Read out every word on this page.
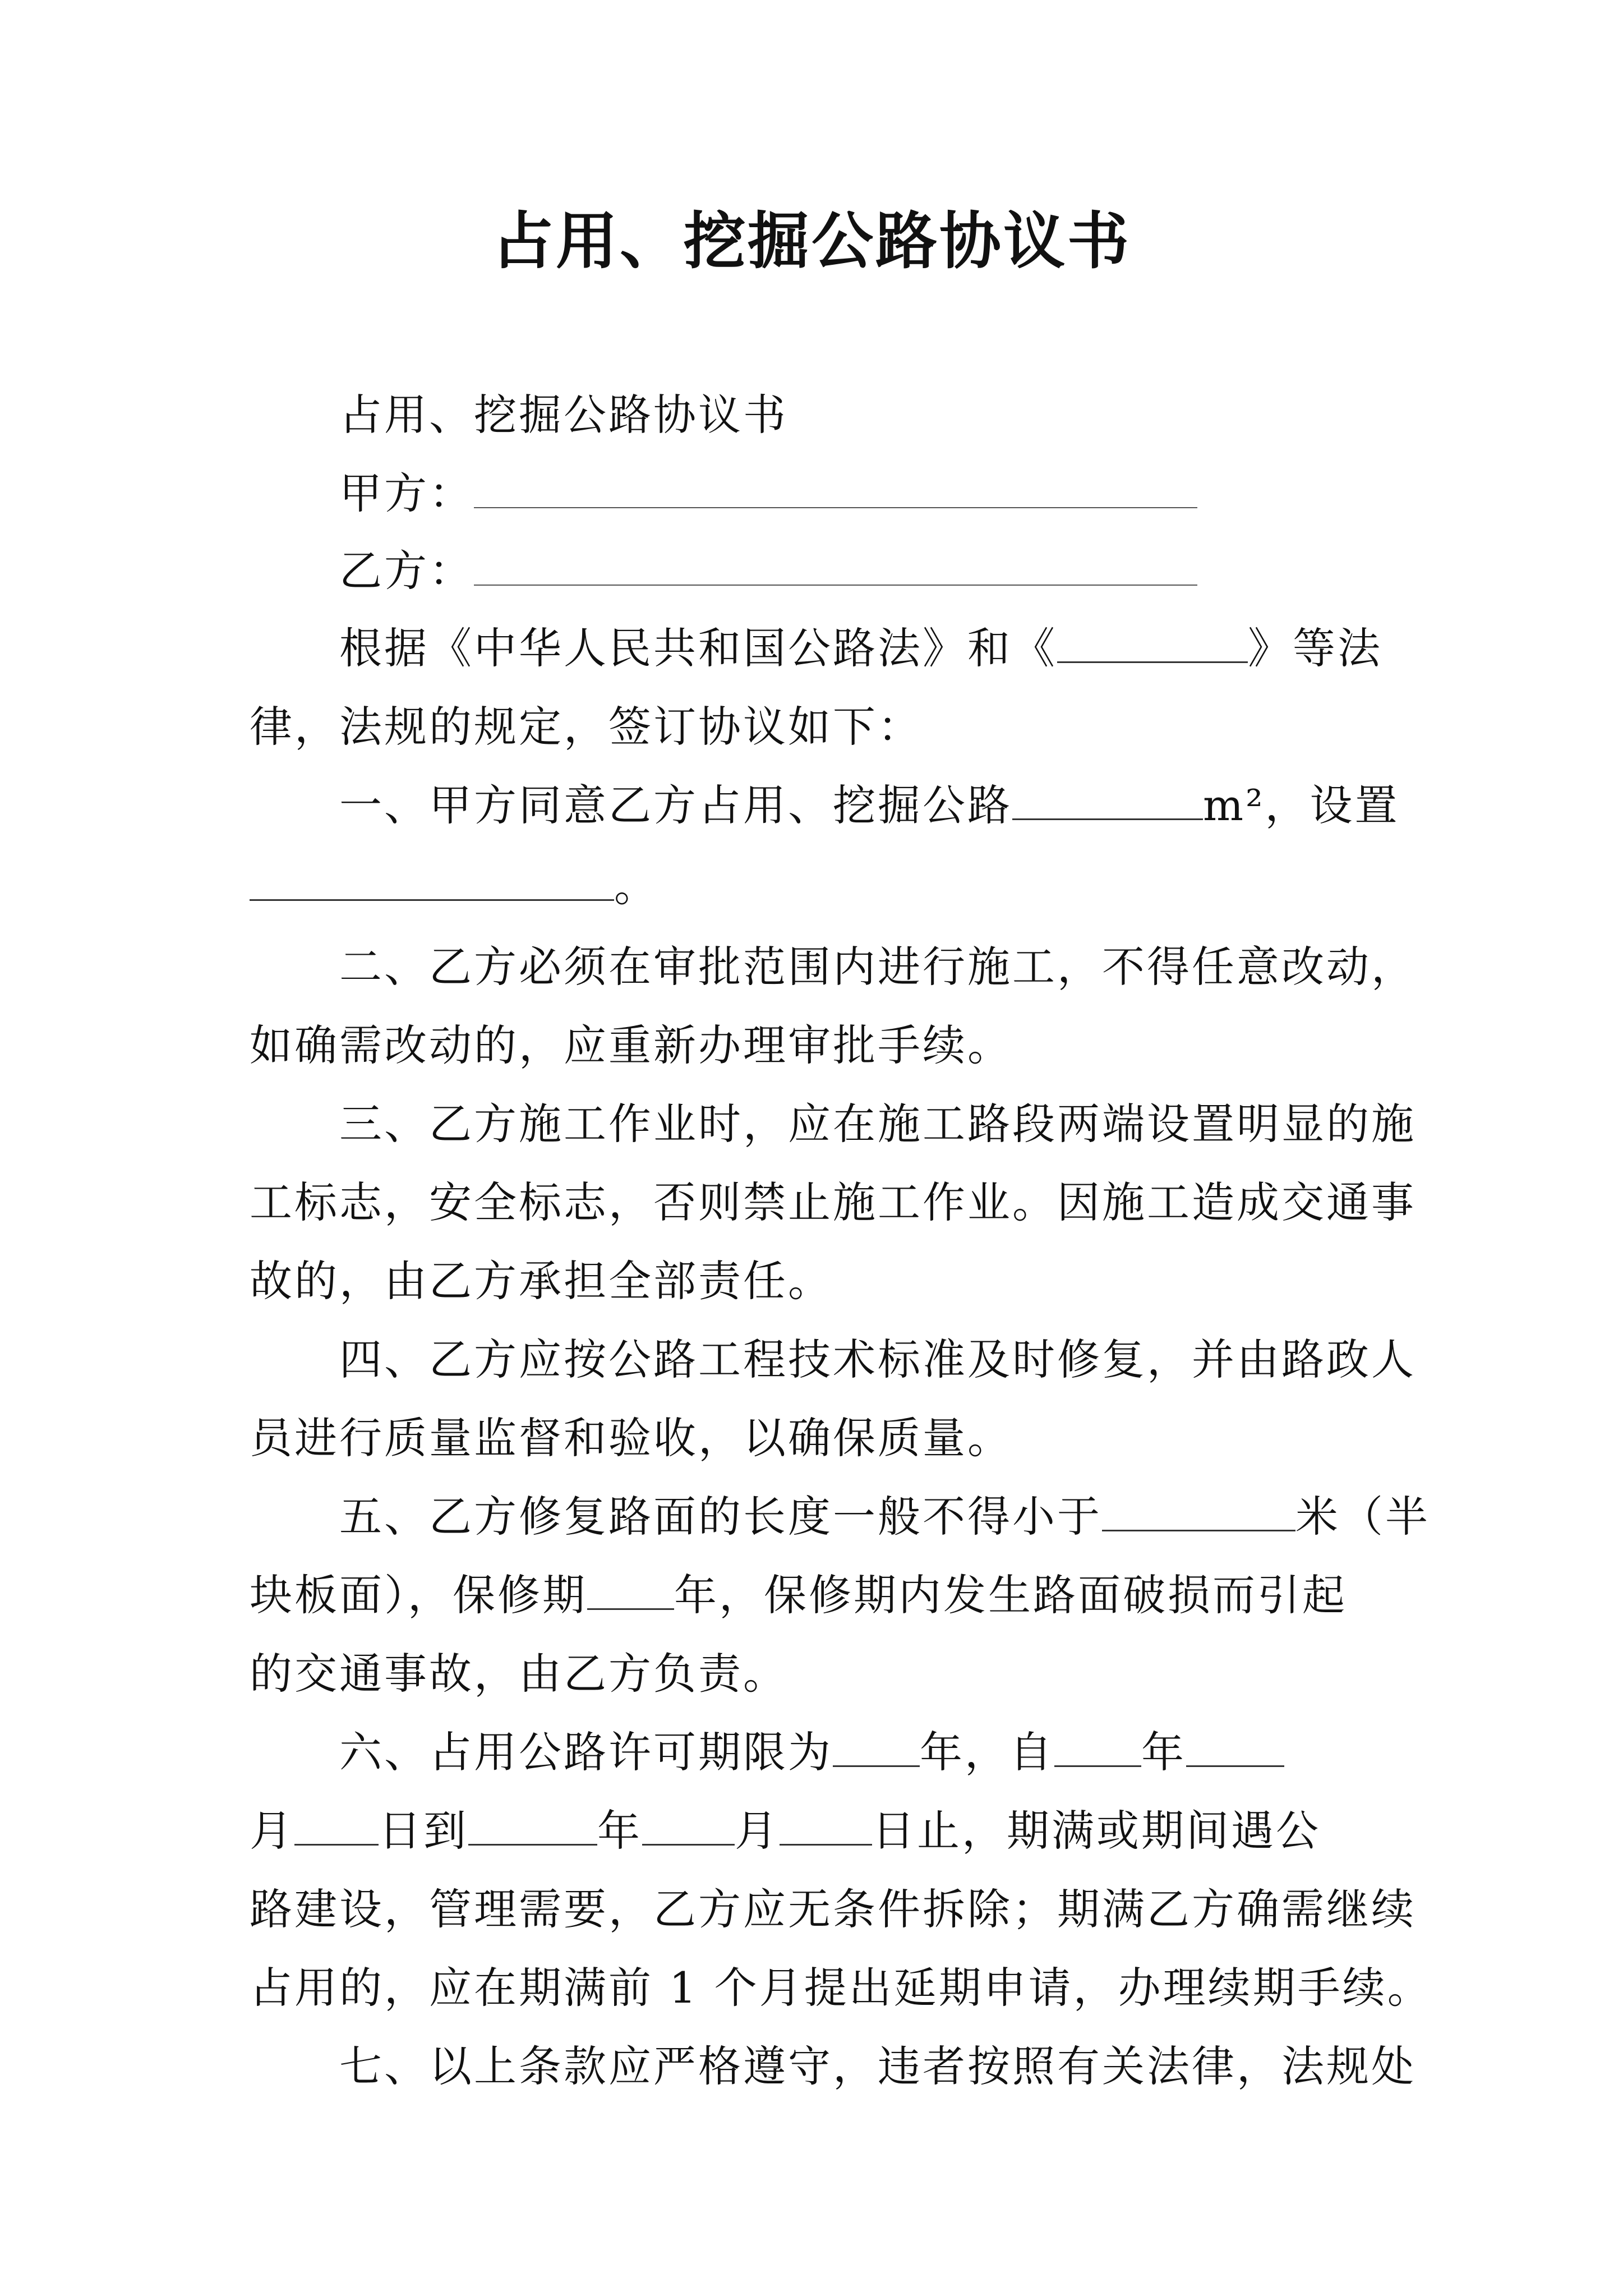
占用、挖掘公路协议书
占用、挖掘公路协议书
甲方：
乙方：
根据《中华人民共和国公路法》和《	》等法
律，法规的规定，签订协议如下：
一、甲方同意乙方占用、挖掘公路	m²，设置
。
二、乙方必须在审批范围内进行施工，不得任意改动，
如确需改动的，应重新办理审批手续。
三、乙方施工作业时，应在施工路段两端设置明显的施
工标志，安全标志，否则禁止施工作业。因施工造成交通事
故的，由乙方承担全部责任。
四、乙方应按公路工程技术标准及时修复，并由路政人
员进行质量监督和验收，以确保质量。
五、乙方修复路面的长度一般不得小于	米（半
块板面），保修期 年，保修期内发生路面破损而引起
的交通事故，由乙方负责。
六、占用公路许可期限为 年，自 年
月 日到	年 月 日止，期满或期间遇公
路建设，管理需要，乙方应无条件拆除；期满乙方确需继续
占用的，应在期满前 1 个月提出延期申请，办理续期手续。
七、以上条款应严格遵守，违者按照有关法律，法规处
